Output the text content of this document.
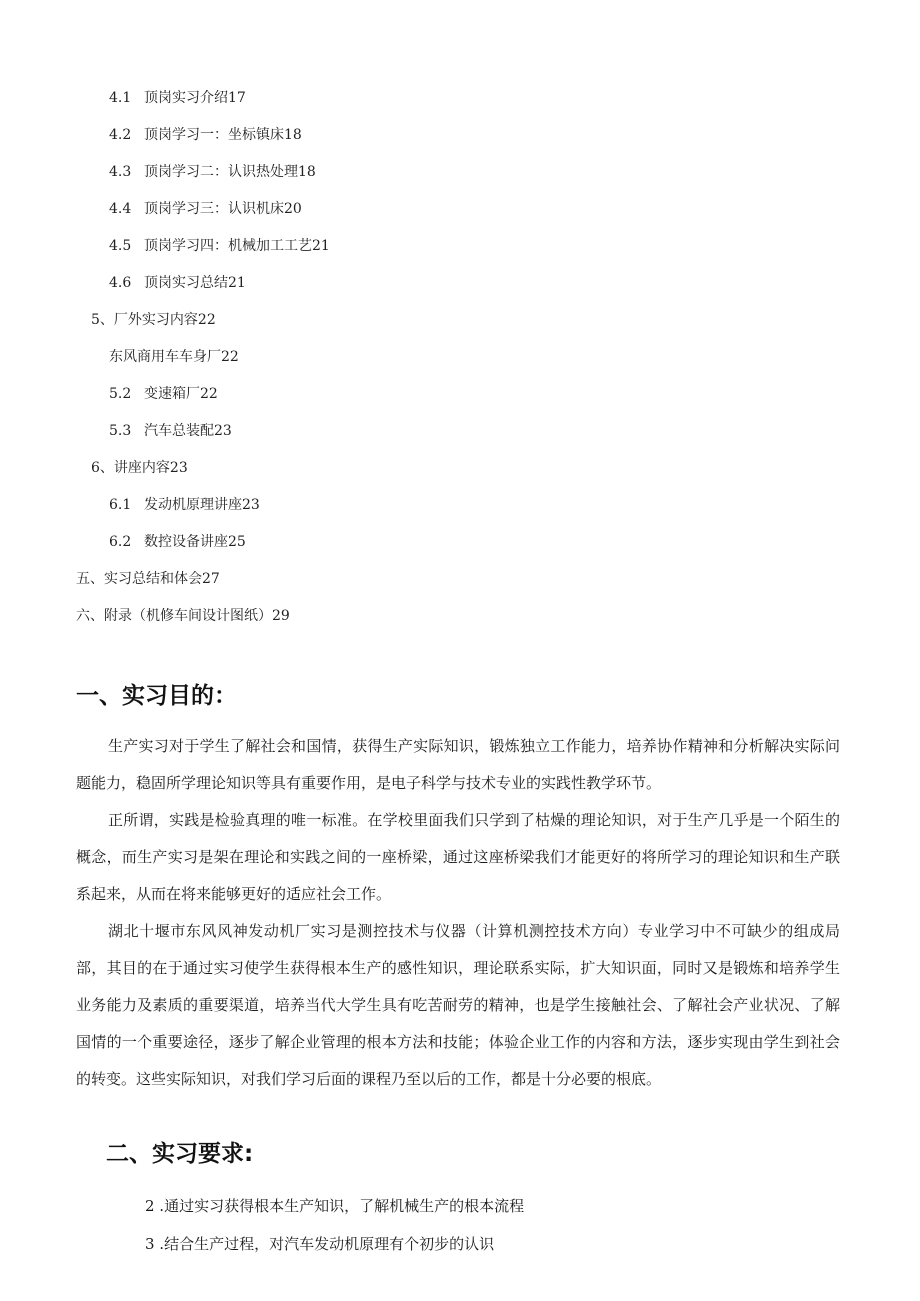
4.1 顶岗实习介绍17
4.2 顶岗学习一：坐标镇床18
4.3 顶岗学习二：认识热处理18
4.4 顶岗学习三：认识机床20
4.5 顶岗学习四：机械加工工艺21
4.6 顶岗实习总结21
5、厂外实习内容22
东风商用车车身厂22
5.2 变速箱厂22
5.3 汽车总装配23
6、讲座内容23
6.1 发动机原理讲座23
6.2 数控设备讲座25
五、实习总结和体会27
六、附录（机修车间设计图纸）29
一、实习目的：

生产实习对于学生了解社会和国情，获得生产实际知识，锻炼独立工作能力，培养协作精神和分析解决实际问题能力，稳固所学理论知识等具有重要作用，是电子科学与技术专业的实践性教学环节。

正所谓，实践是检验真理的唯一标准。在学校里面我们只学到了枯燥的理论知识，对于生产几乎是一个陌生的概念，而生产实习是架在理论和实践之间的一座桥梁，通过这座桥梁我们才能更好的将所学习的理论知识和生产联系起来，从而在将来能够更好的适应社会工作。

湖北十堰市东风风神发动机厂实习是测控技术与仪器（计算机测控技术方向）专业学习中不可缺少的组成局部，其目的在于通过实习使学生获得根本生产的感性知识，理论联系实际，扩大知识面，同时又是锻炼和培养学生业务能力及素质的重要渠道，培养当代大学生具有吃苦耐劳的精神，也是学生接触社会、了解社会产业状况、了解国情的一个重要途径，逐步了解企业管理的根本方法和技能；体验企业工作的内容和方法，逐步实现由学生到社会的转变。这些实际知识，对我们学习后面的课程乃至以后的工作，都是十分必要的根底。

二、实习要求:
2 .通过实习获得根本生产知识，了解机械生产的根本流程
3 .结合生产过程，对汽车发动机原理有个初步的认识
